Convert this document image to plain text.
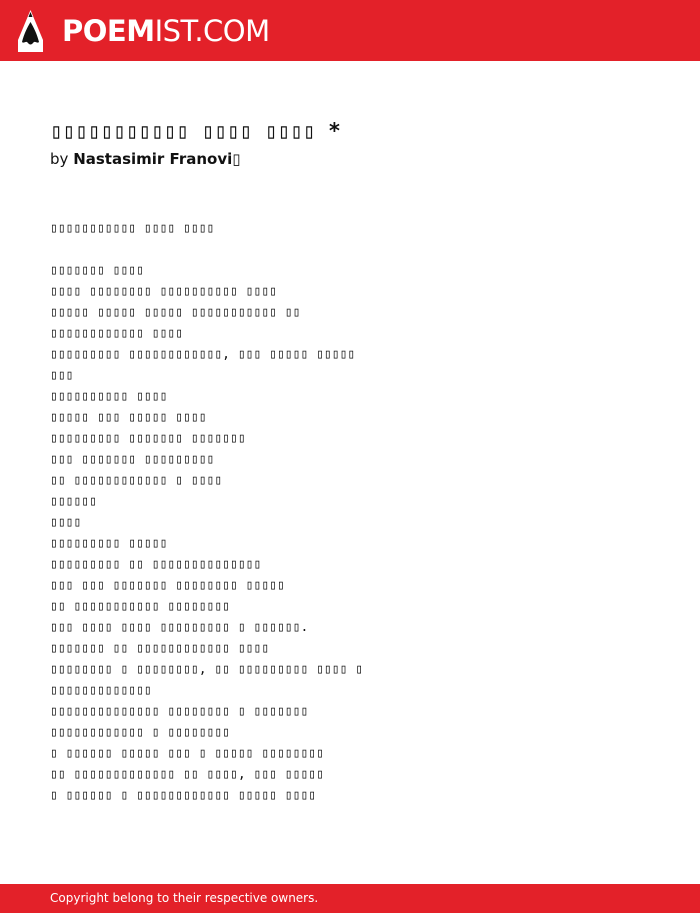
POEMIST.COM
▯▯▯▯▯▯▯▯▯▯▯ ▯▯▯▯ ▯▯▯▯ *
by Nastasimir Franovi▯
▯▯▯▯▯▯▯▯▯▯▯ ▯▯▯▯ ▯▯▯▯
▯▯▯▯▯▯▯ ▯▯▯▯
▯▯▯▯ ▯▯▯▯▯▯▯▯ ▯▯▯▯▯▯▯▯▯▯ ▯▯▯▯
▯▯▯▯▯ ▯▯▯▯▯ ▯▯▯▯▯ ▯▯▯▯▯▯▯▯▯▯▯ ▯▯
▯▯▯▯▯▯▯▯▯▯▯▯ ▯▯▯▯
▯▯▯▯▯▯▯▯▯ ▯▯▯▯▯▯▯▯▯▯▯▯, ▯▯▯ ▯▯▯▯▯ ▯▯▯▯▯
▯▯▯
▯▯▯▯▯▯▯▯▯▯ ▯▯▯▯
▯▯▯▯▯ ▯▯▯ ▯▯▯▯▯ ▯▯▯▯
▯▯▯▯▯▯▯▯▯ ▯▯▯▯▯▯▯ ▯▯▯▯▯▯▯
▯▯▯ ▯▯▯▯▯▯▯ ▯▯▯▯▯▯▯▯▯
▯▯ ▯▯▯▯▯▯▯▯▯▯▯▯ ▯ ▯▯▯▯
▯▯▯▯▯▯
▯▯▯▯
▯▯▯▯▯▯▯▯▯ ▯▯▯▯▯
▯▯▯▯▯▯▯▯▯ ▯▯ ▯▯▯▯▯▯▯▯▯▯▯▯▯▯
▯▯▯ ▯▯▯ ▯▯▯▯▯▯▯ ▯▯▯▯▯▯▯▯ ▯▯▯▯▯
▯▯ ▯▯▯▯▯▯▯▯▯▯▯ ▯▯▯▯▯▯▯▯
▯▯▯ ▯▯▯▯ ▯▯▯▯ ▯▯▯▯▯▯▯▯▯ ▯ ▯▯▯▯▯▯.
▯▯▯▯▯▯▯ ▯▯ ▯▯▯▯▯▯▯▯▯▯▯▯ ▯▯▯▯
▯▯▯▯▯▯▯▯ ▯ ▯▯▯▯▯▯▯▯, ▯▯ ▯▯▯▯▯▯▯▯▯ ▯▯▯▯ ▯
▯▯▯▯▯▯▯▯▯▯▯▯▯
▯▯▯▯▯▯▯▯▯▯▯▯▯▯ ▯▯▯▯▯▯▯▯ ▯ ▯▯▯▯▯▯▯
▯▯▯▯▯▯▯▯▯▯▯▯ ▯ ▯▯▯▯▯▯▯▯
▯ ▯▯▯▯▯▯ ▯▯▯▯▯ ▯▯▯ ▯ ▯▯▯▯▯ ▯▯▯▯▯▯▯▯
▯▯ ▯▯▯▯▯▯▯▯▯▯▯▯▯ ▯▯ ▯▯▯▯, ▯▯▯ ▯▯▯▯▯
▯ ▯▯▯▯▯▯ ▯ ▯▯▯▯▯▯▯▯▯▯▯▯ ▯▯▯▯▯ ▯▯▯▯
Copyright belong to their respective owners.
